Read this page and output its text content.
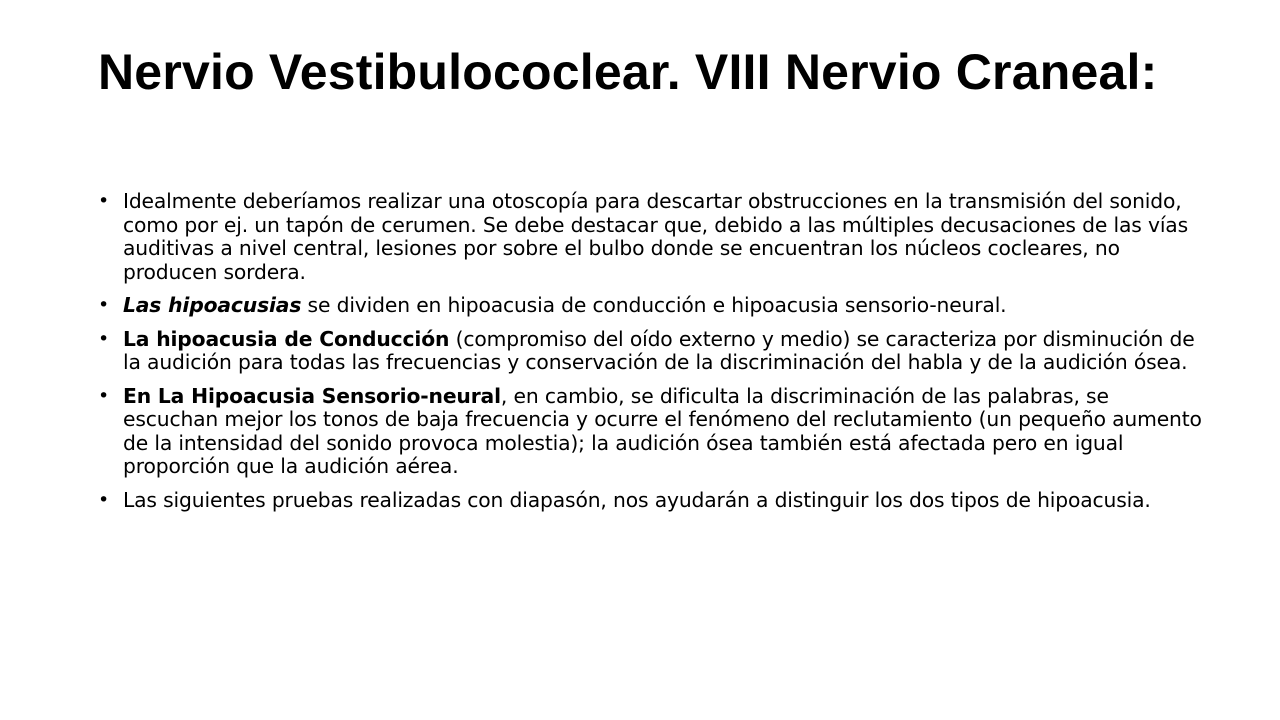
Nervio Vestibulococlear. VIII Nervio Craneal:
• Idealmente deberíamos realizar una otoscopía para descartar obstrucciones en la transmisión del sonido, como por ej. un tapón de cerumen. Se debe destacar que, debido a las múltiples decusaciones de las vías auditivas a nivel central, lesiones por sobre el bulbo donde se encuentran los núcleos cocleares, no producen sordera.
• Las hipoacusias se dividen en hipoacusia de conducción e hipoacusia sensorio-neural.
• La hipoacusia de Conducción (compromiso del oído externo y medio) se caracteriza por disminución de la audición para todas las frecuencias y conservación de la discriminación del habla y de la audición ósea.
• En La Hipoacusia Sensorio-neural, en cambio, se dificulta la discriminación de las palabras, se escuchan mejor los tonos de baja frecuencia y ocurre el fenómeno del reclutamiento (un pequeño aumento de la intensidad del sonido provoca molestia); la audición ósea también está afectada pero en igual proporción que la audición aérea.
• Las siguientes pruebas realizadas con diapasón, nos ayudarán a distinguir los dos tipos de hipoacusia.
